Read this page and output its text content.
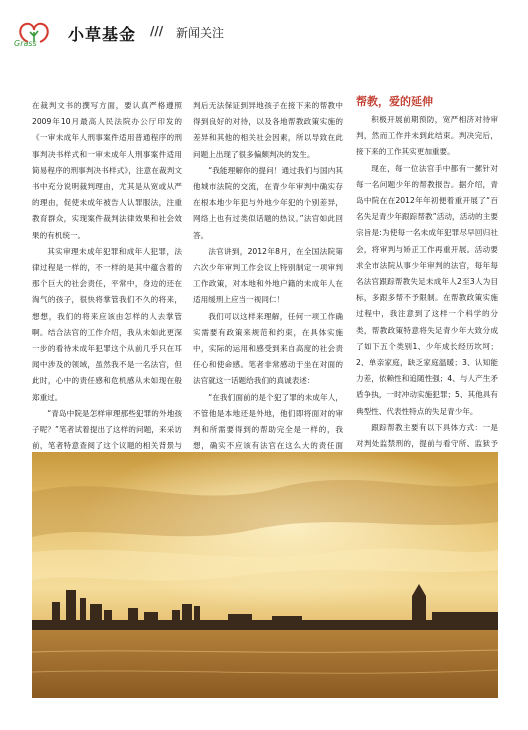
Grass 小草基金 /// 新闻关注

在裁判文书的撰写方面，要认真严格遵照2009年10月最高人民法院办公厅印发的《一审未成年人刑事案件适用普通程序的刑事判决书样式和一审未成年人刑事案件适用简易程序的刑事判决书样式》，注意在裁判文书中充分说明裁判理由，尤其是从宽或从严的理由，促使未成年被告人认罪服法，注重教育群众，实现案件裁判法律效果和社会效果的有机统一。

其实审理未成年犯罪和成年人犯罪，法律过程是一样的，不一样的是其中蕴含着的那个巨大的社会责任，平常中，身边的还在淘气的孩子，很快将掌管我们不久的将来，想想，我们的将来应该由怎样的人去掌管啊。结合法官的工作介绍，我从未如此更深一步的看待未成年犯罪这个从前几乎只在耳闻中涉及的领域，虽然我不是一名法官，但此时，心中的责任感和危机感从未如现在般郑重过。

“青岛中院是怎样审理那些犯罪的外地孩子呢？”笔者试着提出了这样的问题，来采访前，笔者特意查阅了这个议题的相关背景与

判后无法保证到异地孩子在接下来的帮教中得到良好的对待，以及各地帮教政策实施的差异和其他的相关社会因素，所以导致在此问题上出现了很多偏颇判决的发生。

“我能理解你的提问！通过我们与国内其他城市法院的交流，在青少年审判中确实存在根本地少年犯与外地少年犯的个别差异，网络上也有过类似话题的热议。”法官如此回答。

法官讲到，2012年8月，在全国法院第六次少年审判工作会议上特别制定一项审判工作政策，对本地和外地户籍的未成年人在适用缓刑上应当一视同仁！

我们可以这样来理解，任何一项工作确实需要有政策来规范和约束，在具体实施中，实际的运用和感受到来自高度的社会责任心和使命感。笔者非常感动于坐在对面的法官就这一话题给我们的真诚表述：

“在我们面前的是个犯了罪的未成年人，不管他是本地还是外地，他们即将面对的审判和所需要得到的帮助完全是一样的，我想，确实不应该有法官在这么大的责任面

帮教，爱的延伸

积极开展前期预防，宽严相济对待审判，然而工作并未到此结束。判决完后，接下来的工作其实更加重要。

现在，每一位法官手中都有一摞针对每一名问题少年的帮教报告。据介绍，青岛中院在在2012年年初便着重开展了“百名失足青少年跟踪帮教”活动，活动的主要宗旨是:为使每一名未成年犯罪尽早回归社会，将审判与矫正工作再重开展。活动要求全市法院从事少年审判的法官，每年每名法官跟踪帮教失足未成年人2至3人为目标，多跟多帮不予限制。在帮教政策实施过程中，我注意到了这样一个科学的分类，帮教政策特意将失足青少年大致分成了如下五个类别1、少年成长经历坎坷；2、单亲家庭，缺乏家庭温暖；3、认知能力差，依赖性和追随性强；4、与人产生矛盾争执，一时冲动实施犯罪；5、其他具有典型性、代表性特点的失足青少年。

跟踪帮教主要有以下具体方式：一是对判处监禁刑的，提前与看守所、监狱予
